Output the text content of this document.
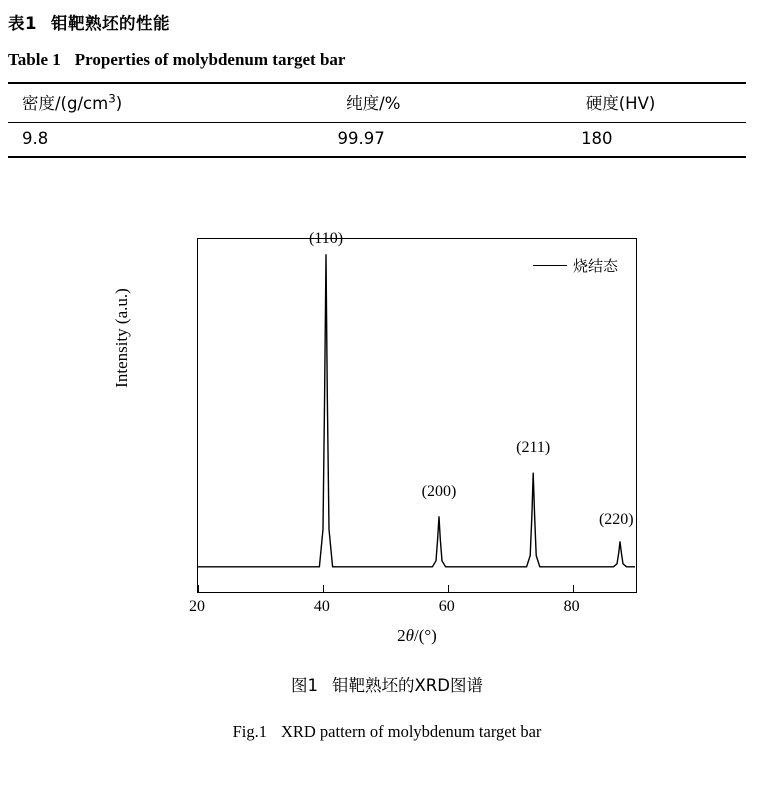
表1 钼靶熟坯的性能
Table 1 Properties of molybdenum target bar
密度$/(g/cm^3)$	纯度/%	硬度(HV)
9.8	99.97	180
烧结态
(110)
(200)
(211)
(220)
Intensity (a.u.)
20	40	60	80
2θ/(°)
图1 钼靶熟坯的XRD图谱
Fig.1 XRD pattern of molybdenum target bar
